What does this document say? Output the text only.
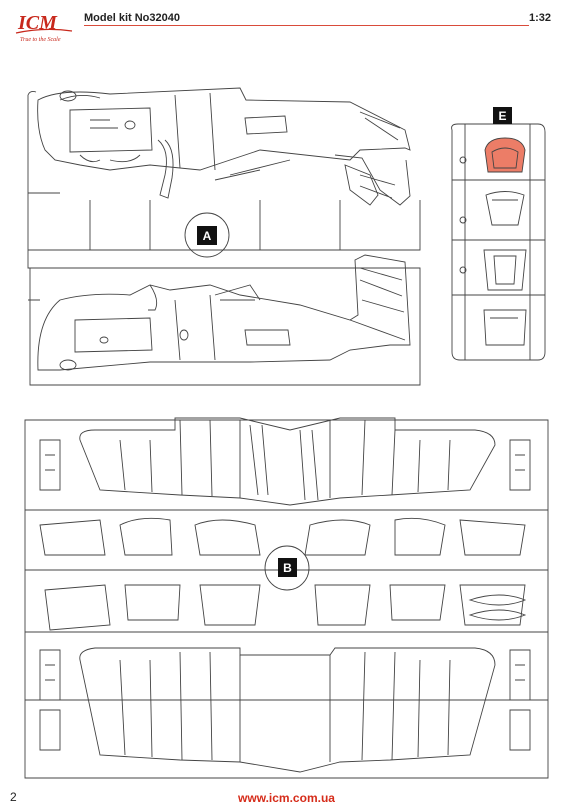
ICM
True to the Scale
Model kit No32040	1:32
A
E
B
2	www.icm.com.ua
